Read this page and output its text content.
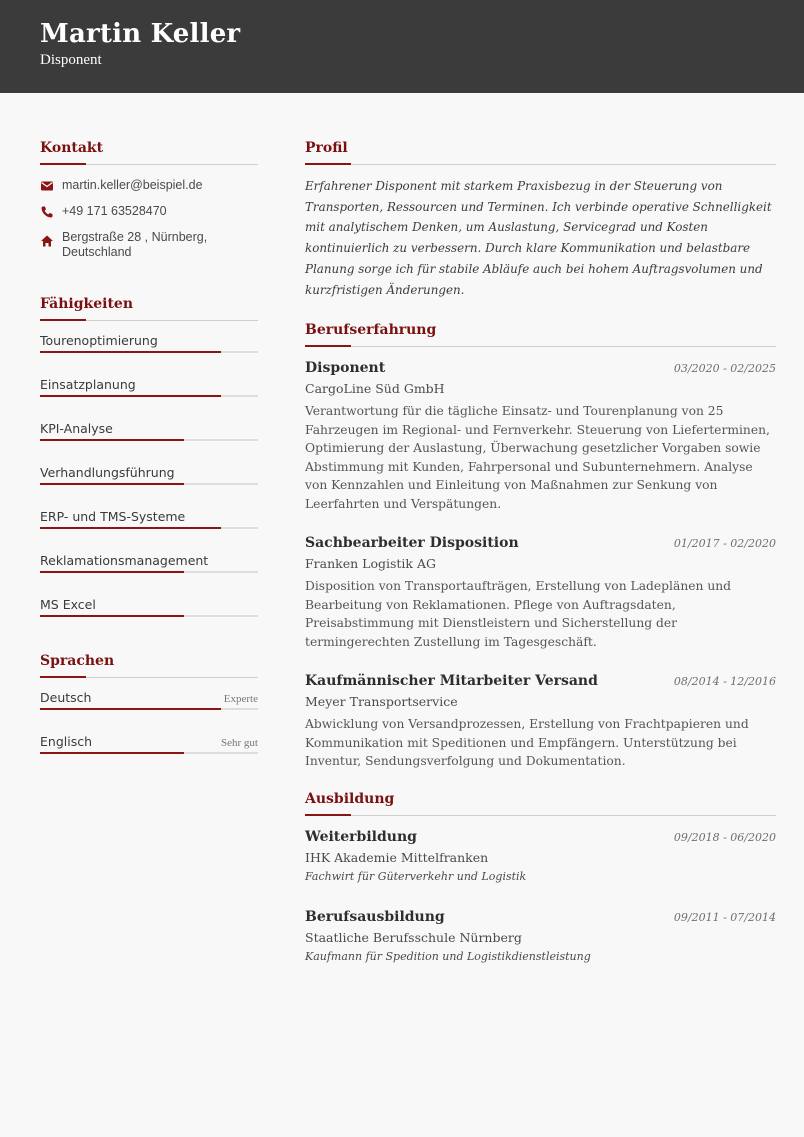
Martin Keller
Disponent
Kontakt
martin.keller@beispiel.de
+49 171 63528470
Bergstraße 28 , Nürnberg, Deutschland
Fähigkeiten
Tourenoptimierung
Einsatzplanung
KPI-Analyse
Verhandlungsführung
ERP- und TMS-Systeme
Reklamationsmanagement
MS Excel
Sprachen
Deutsch	Experte
Englisch	Sehr gut
Profil
Erfahrener Disponent mit starkem Praxisbezug in der Steuerung von Transporten, Ressourcen und Terminen. Ich verbinde operative Schnelligkeit mit analytischem Denken, um Auslastung, Servicegrad und Kosten kontinuierlich zu verbessern. Durch klare Kommunikation und belastbare Planung sorge ich für stabile Abläufe auch bei hohem Auftragsvolumen und kurzfristigen Änderungen.
Berufserfahrung
Disponent	03/2020 - 02/2025
CargoLine Süd GmbH
Verantwortung für die tägliche Einsatz- und Tourenplanung von 25 Fahrzeugen im Regional- und Fernverkehr. Steuerung von Lieferterminen, Optimierung der Auslastung, Überwachung gesetzlicher Vorgaben sowie Abstimmung mit Kunden, Fahrpersonal und Subunternehmern. Analyse von Kennzahlen und Einleitung von Maßnahmen zur Senkung von Leerfahrten und Verspätungen.
Sachbearbeiter Disposition	01/2017 - 02/2020
Franken Logistik AG
Disposition von Transportaufträgen, Erstellung von Ladeplänen und Bearbeitung von Reklamationen. Pflege von Auftragsdaten, Preisabstimmung mit Dienstleistern und Sicherstellung der termingerechten Zustellung im Tagesgeschäft.
Kaufmännischer Mitarbeiter Versand	08/2014 - 12/2016
Meyer Transportservice
Abwicklung von Versandprozessen, Erstellung von Frachtpapieren und Kommunikation mit Speditionen und Empfängern. Unterstützung bei Inventur, Sendungsverfolgung und Dokumentation.
Ausbildung
Weiterbildung	09/2018 - 06/2020
IHK Akademie Mittelfranken
Fachwirt für Güterverkehr und Logistik
Berufsausbildung	09/2011 - 07/2014
Staatliche Berufsschule Nürnberg
Kaufmann für Spedition und Logistikdienstleistung
